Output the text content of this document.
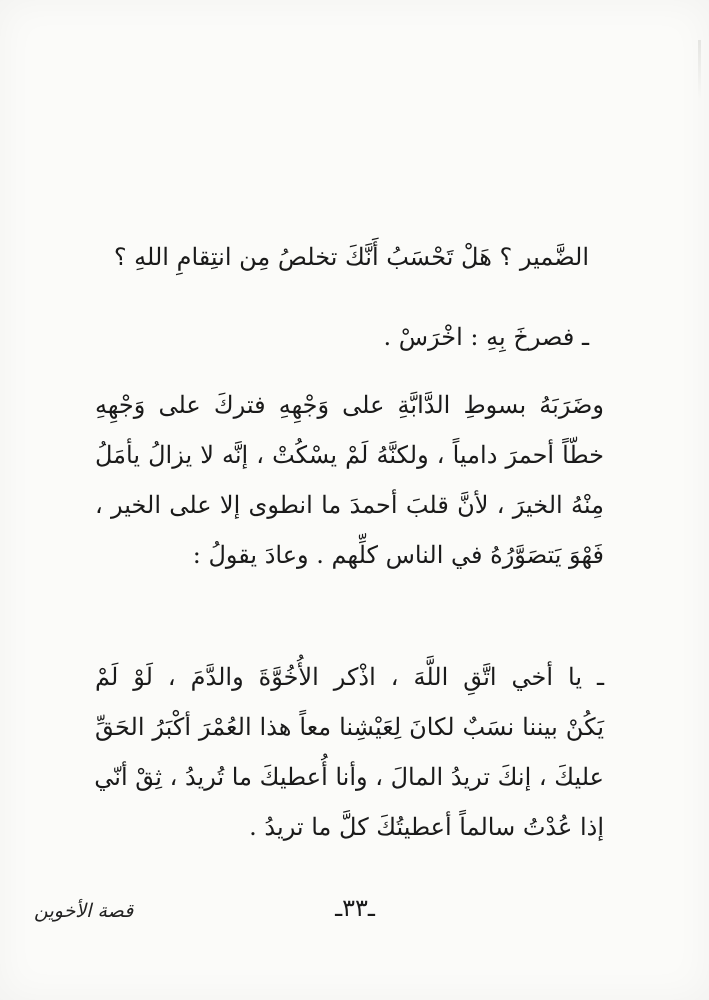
الضَّمير ؟ هَلْ تَحْسَبُ أَنَّكَ تخلصُ مِن انتِقامِ اللهِ ؟
ـ فصرخَ بِهِ : اخْرَسْ .
وضَرَبَهُ بسوطِ الدَّابَّةِ على وَجْهِهِ فتركَ على وَجْهِهِ
خطّاً أحمرَ دامياً ، ولكنَّهُ لَمْ يسْكُتْ ، إنَّه لا يزالُ يأمَلُ
مِنْهُ الخيرَ ، لأنَّ قلبَ أحمدَ ما انطوى إلا على الخير ،
فَهْوَ يَتصَوَّرُهُ في الناس كلِّهم . وعادَ يقولُ :
ـ يا أخي اتَّقِ اللَّهَ ، اذْكر الأُخُوَّةَ والدَّمَ ، لَوْ لَمْ
يَكُنْ بيننا نسَبٌ لكانَ لِعَيْشِنا معاً هذا العُمْرَ أكْبَرُ الحَقِّ
عليكَ ، إنكَ تريدُ المالَ ، وأنا أُعطيكَ ما تُريدُ ، ثِقْ أنّي
إذا عُدْتُ سالماً أعطيتُكَ كلَّ ما تريدُ .
قصة الأخوين	ـ٣٣ـ
